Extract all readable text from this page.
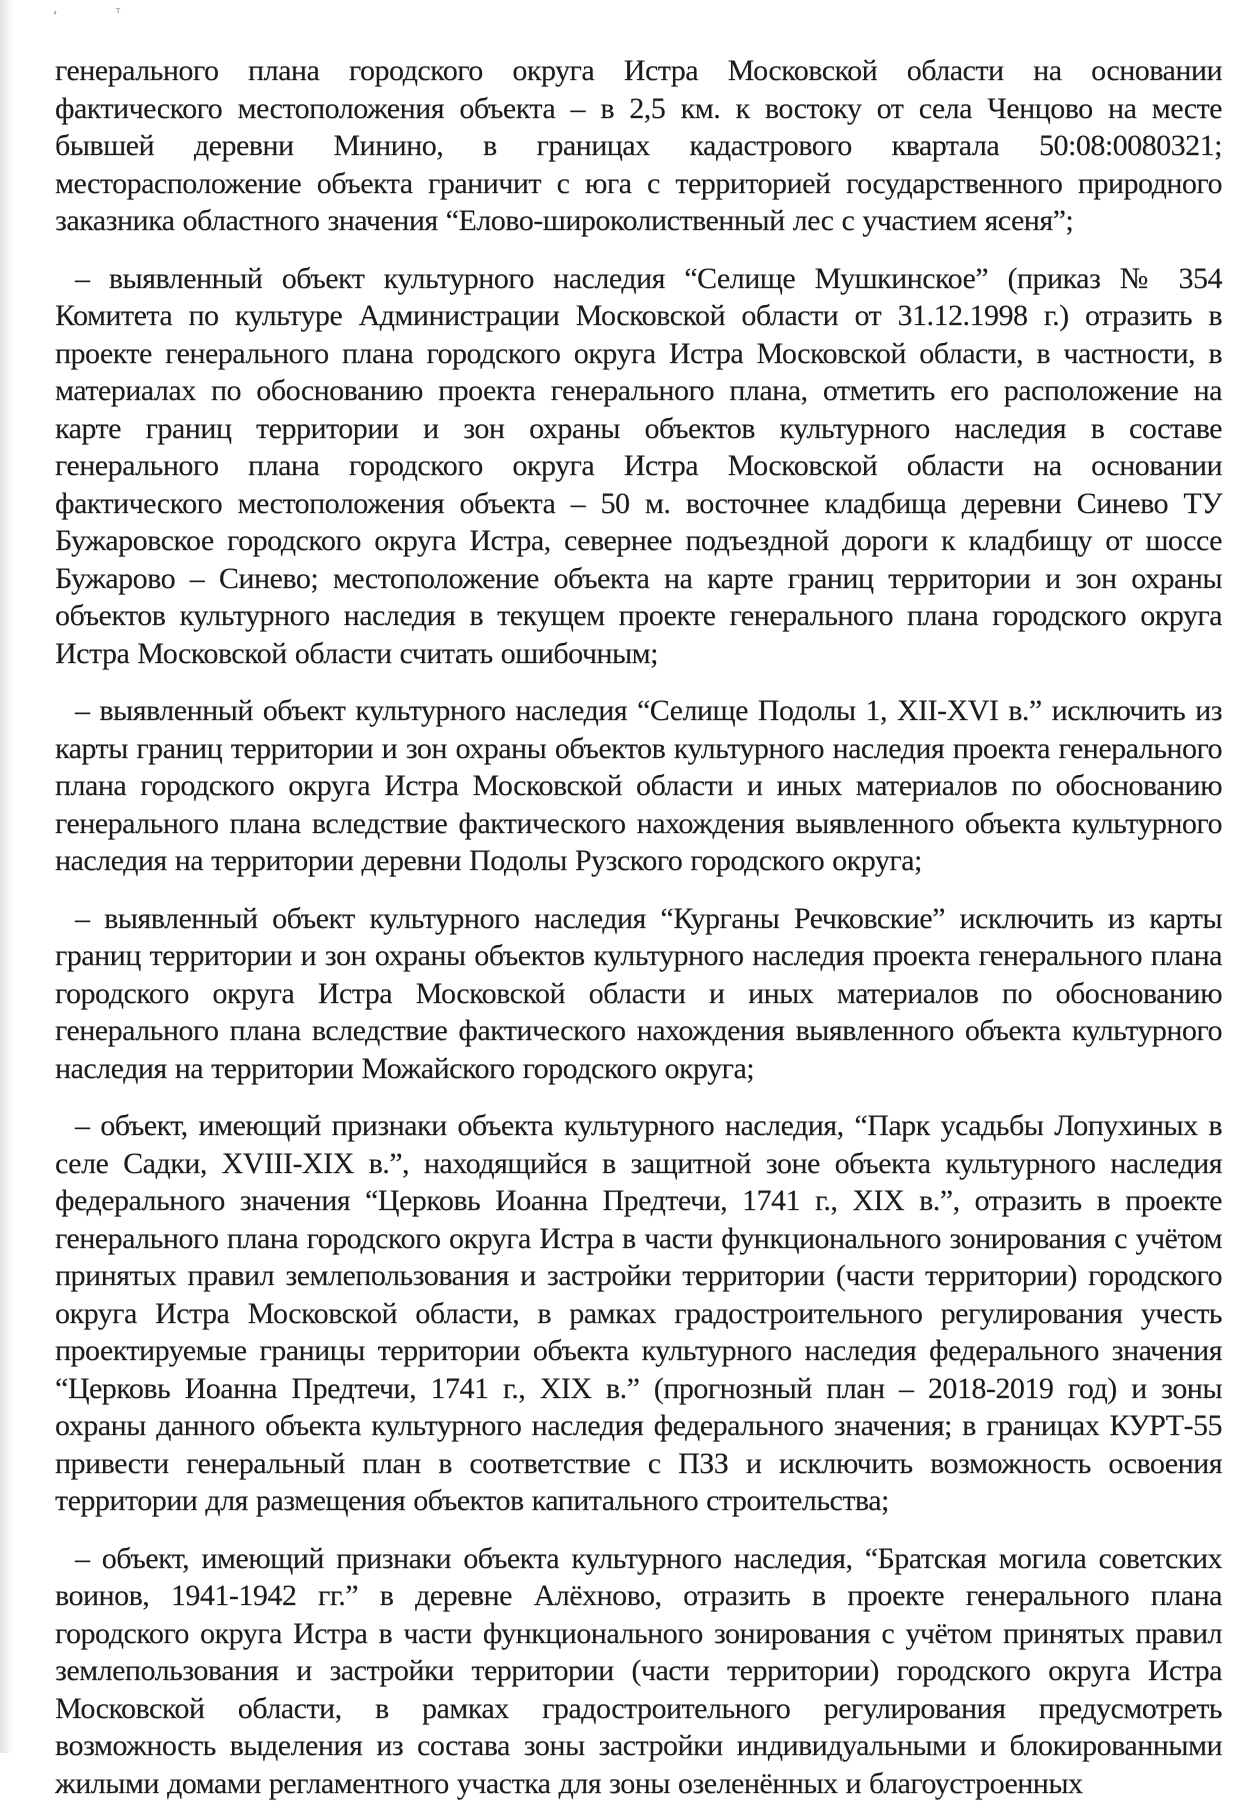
ʻ	ᵀ

генерального плана городского округа Истра Московской области на основании фактического местоположения объекта – в 2,5 км. к востоку от села Ченцово на месте бывшей деревни Минино, в границах кадастрового квартала 50:08:0080321; месторасположение объекта граничит с юга с территорией государственного природного заказника областного значения “Елово-широколиственный лес с участием ясеня”;

– выявленный объект культурного наследия “Селище Мушкинское” (приказ № 354 Комитета по культуре Администрации Московской области от 31.12.1998 г.) отразить в проекте генерального плана городского округа Истра Московской области, в частности, в материалах по обоснованию проекта генерального плана, отметить его расположение на карте границ территории и зон охраны объектов культурного наследия в составе генерального плана городского округа Истра Московской области на основании фактического местоположения объекта – 50 м. восточнее кладбища деревни Синево ТУ Бужаровское городского округа Истра, севернее подъездной дороги к кладбищу от шоссе Бужарово – Синево; местоположение объекта на карте границ территории и зон охраны объектов культурного наследия в текущем проекте генерального плана городского округа Истра Московской области считать ошибочным;

– выявленный объект культурного наследия “Селище Подолы 1, XII-XVI в.” исключить из карты границ территории и зон охраны объектов культурного наследия проекта генерального плана городского округа Истра Московской области и иных материалов по обоснованию генерального плана вследствие фактического нахождения выявленного объекта культурного наследия на территории деревни Подолы Рузского городского округа;

– выявленный объект культурного наследия “Курганы Речковские” исключить из карты границ территории и зон охраны объектов культурного наследия проекта генерального плана городского округа Истра Московской области и иных материалов по обоснованию генерального плана вследствие фактического нахождения выявленного объекта культурного наследия на территории Можайского городского округа;

– объект, имеющий признаки объекта культурного наследия, “Парк усадьбы Лопухиных в селе Садки, XVIII-XIX в.”, находящийся в защитной зоне объекта культурного наследия федерального значения “Церковь Иоанна Предтечи, 1741 г., XIX в.”, отразить в проекте генерального плана городского округа Истра в части функционального зонирования с учётом принятых правил землепользования и застройки территории (части территории) городского округа Истра Московской области, в рамках градостроительного регулирования учесть проектируемые границы территории объекта культурного наследия федерального значения “Церковь Иоанна Предтечи, 1741 г., XIX в.” (прогнозный план – 2018-2019 год) и зоны охраны данного объекта культурного наследия федерального значения; в границах КУРТ-55 привести генеральный план в соответствие с ПЗЗ и исключить возможность освоения территории для размещения объектов капитального строительства;

– объект, имеющий признаки объекта культурного наследия, “Братская могила советских воинов, 1941-1942 гг.” в деревне Алёхново, отразить в проекте генерального плана городского округа Истра в части функционального зонирования с учётом принятых правил землепользования и застройки территории (части территории) городского округа Истра Московской области, в рамках градостроительного регулирования предусмотреть возможность выделения из состава зоны застройки индивидуальными и блокированными жилыми домами регламентного участка для зоны озеленённых и благоустроенных
